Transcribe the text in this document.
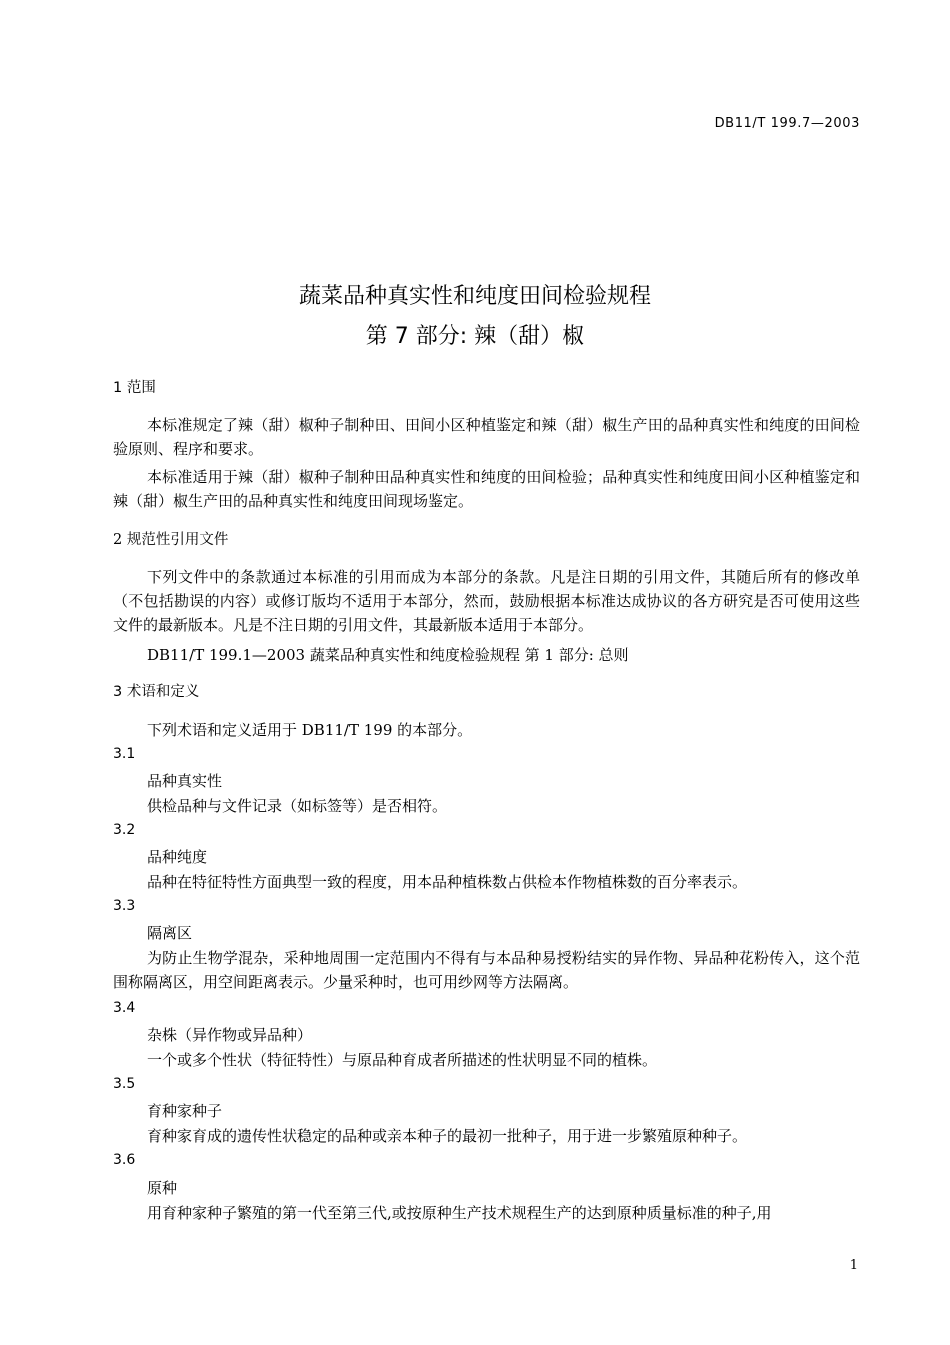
DB11/T 199.7—2003
蔬菜品种真实性和纯度田间检验规程
第 7 部分: 辣（甜）椒
1 范围
本标准规定了辣（甜）椒种子制种田、田间小区种植鉴定和辣（甜）椒生产田的品种真实性和纯度的田间检验原则、程序和要求。
本标准适用于辣（甜）椒种子制种田品种真实性和纯度的田间检验；品种真实性和纯度田间小区种植鉴定和辣（甜）椒生产田的品种真实性和纯度田间现场鉴定。
2 规范性引用文件
下列文件中的条款通过本标准的引用而成为本部分的条款。凡是注日期的引用文件，其随后所有的修改单（不包括勘误的内容）或修订版均不适用于本部分，然而，鼓励根据本标准达成协议的各方研究是否可使用这些文件的最新版本。凡是不注日期的引用文件，其最新版本适用于本部分。
DB11/T 199.1—2003 蔬菜品种真实性和纯度检验规程 第 1 部分: 总则
3 术语和定义
下列术语和定义适用于 DB11/T 199 的本部分。
3.1
品种真实性
供检品种与文件记录（如标签等）是否相符。
3.2
品种纯度
品种在特征特性方面典型一致的程度，用本品种植株数占供检本作物植株数的百分率表示。
3.3
隔离区
为防止生物学混杂，采种地周围一定范围内不得有与本品种易授粉结实的异作物、异品种花粉传入，这个范围称隔离区，用空间距离表示。少量采种时，也可用纱网等方法隔离。
3.4
杂株（异作物或异品种）
一个或多个性状（特征特性）与原品种育成者所描述的性状明显不同的植株。
3.5
育种家种子
育种家育成的遗传性状稳定的品种或亲本种子的最初一批种子，用于进一步繁殖原种种子。
3.6
原种
用育种家种子繁殖的第一代至第三代,或按原种生产技术规程生产的达到原种质量标准的种子,用
1
